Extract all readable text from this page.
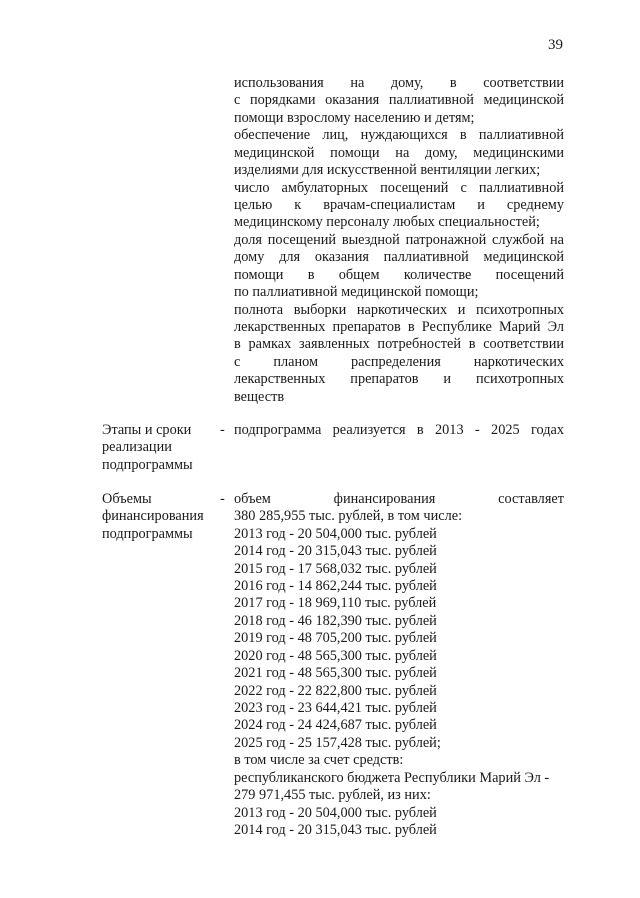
39
использования на дому, в соответствии
с порядками оказания паллиативной медицинской
помощи взрослому населению и детям;
обеспечение лиц, нуждающихся в паллиативной
медицинской помощи на дому, медицинскими
изделиями для искусственной вентиляции легких;
число амбулаторных посещений с паллиативной
целью к врачам-специалистам и среднему
медицинскому персоналу любых специальностей;
доля посещений выездной патронажной службой на
дому для оказания паллиативной медицинской
помощи в общем количестве посещений
по паллиативной медицинской помощи;
полнота выборки наркотических и психотропных
лекарственных препаратов в Республике Марий Эл
в рамках заявленных потребностей в соответствии
с планом распределения наркотических
лекарственных препаратов и психотропных
веществ
Этапы и сроки
реализации
подпрограммы
- подпрограмма реализуется в 2013 - 2025 годах
Объемы
финансирования
подпрограммы
- объем финансирования составляет
380 285,955 тыс. рублей, в том числе:
2013 год - 20 504,000 тыс. рублей
2014 год - 20 315,043 тыс. рублей
2015 год - 17 568,032 тыс. рублей
2016 год - 14 862,244 тыс. рублей
2017 год - 18 969,110 тыс. рублей
2018 год - 46 182,390 тыс. рублей
2019 год - 48 705,200 тыс. рублей
2020 год - 48 565,300 тыс. рублей
2021 год - 48 565,300 тыс. рублей
2022 год - 22 822,800 тыс. рублей
2023 год - 23 644,421 тыс. рублей
2024 год - 24 424,687 тыс. рублей
2025 год - 25 157,428 тыс. рублей;
в том числе за счет средств:
республиканского бюджета Республики Марий Эл -
279 971,455 тыс. рублей, из них:
2013 год - 20 504,000 тыс. рублей
2014 год - 20 315,043 тыс. рублей
